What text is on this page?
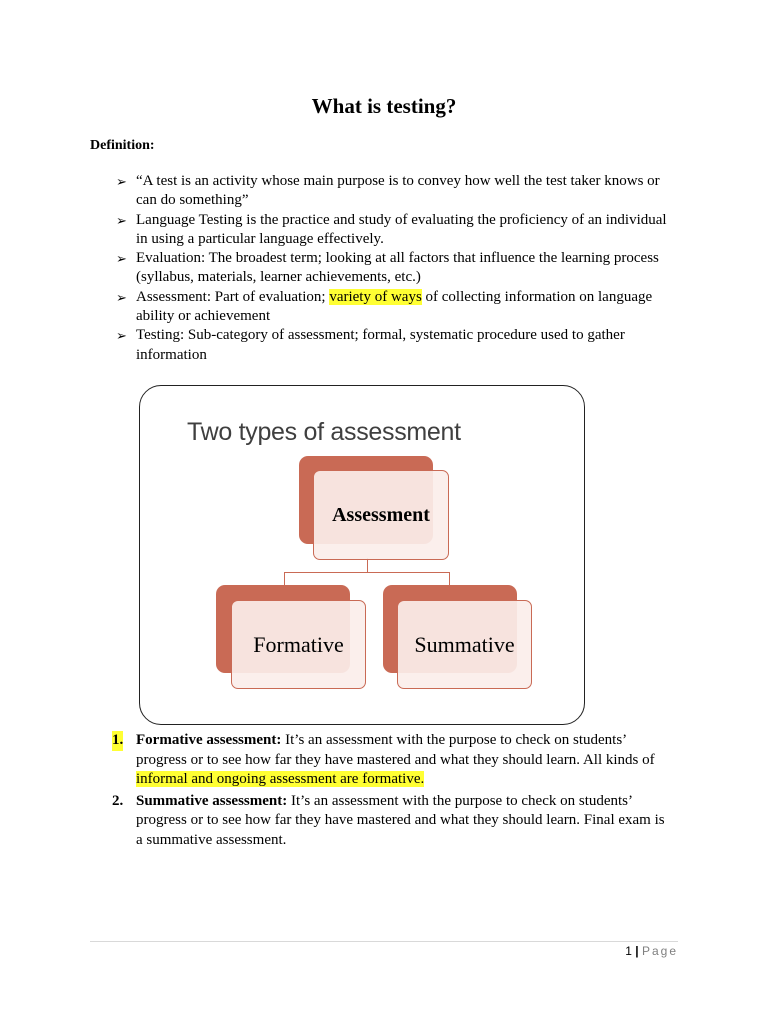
What is testing?
Definition:

➢ “A test is an activity whose main purpose is to convey how well the test taker knows or can do something”

➢ Language Testing is the practice and study of evaluating the proficiency of an individual in using a particular language effectively.

➢ Evaluation: The broadest term; looking at all factors that influence the learning process (syllabus, materials, learner achievements, etc.)

➢ Assessment: Part of evaluation; variety of ways of collecting information on language ability or achievement

➢ Testing: Sub-category of assessment; formal, systematic procedure used to gather information

Two types of assessment
Assessment
Formative	Summative

1. Formative assessment: It’s an assessment with the purpose to check on students’ progress or to see how far they have mastered and what they should learn. All kinds of informal and ongoing assessment are formative.

2. Summative assessment: It’s an assessment with the purpose to check on students’ progress or to see how far they have mastered and what they should learn. Final exam is a summative assessment.

1 | Page
